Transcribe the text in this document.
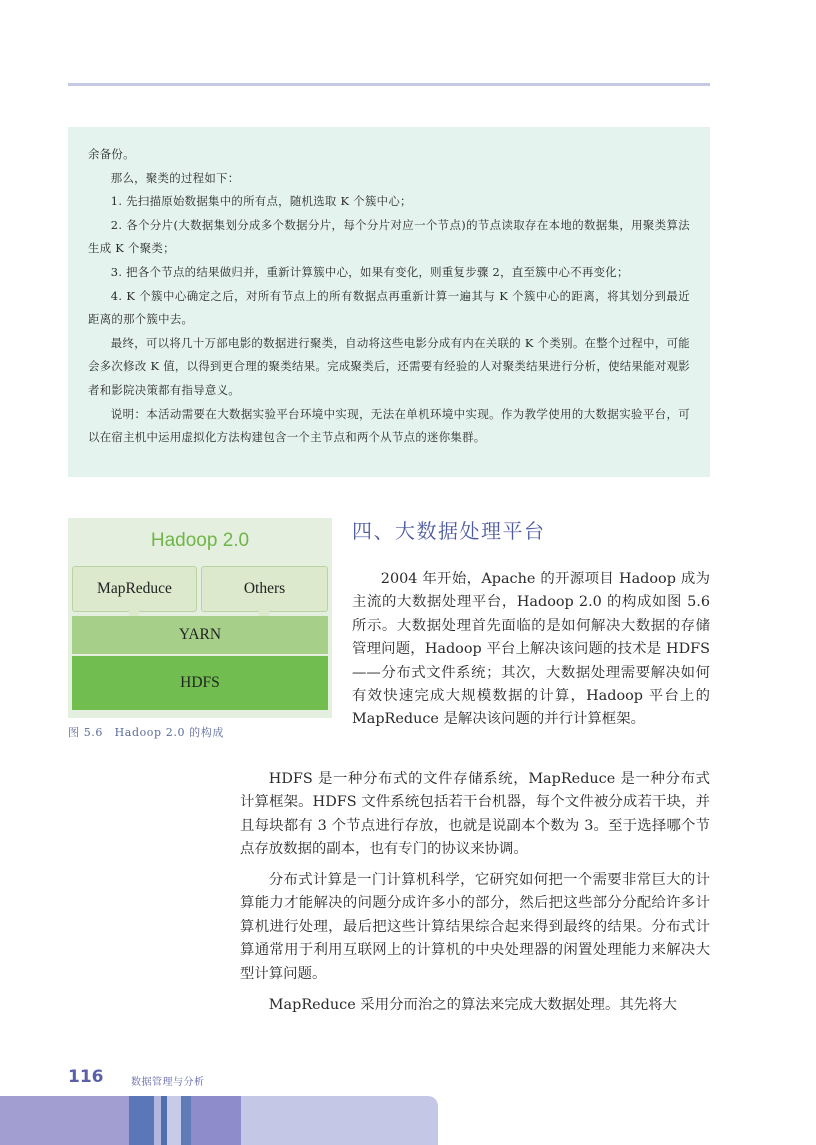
余备份。

那么，聚类的过程如下：

1. 先扫描原始数据集中的所有点，随机选取 K 个簇中心；

2. 各个分片(大数据集划分成多个数据分片，每个分片对应一个节点)的节点读取存在本地的数据集，用聚类算法生成 K 个聚类；

3. 把各个节点的结果做归并，重新计算簇中心，如果有变化，则重复步骤 2，直至簇中心不再变化；

4. K 个簇中心确定之后，对所有节点上的所有数据点再重新计算一遍其与 K 个簇中心的距离，将其划分到最近距离的那个簇中去。

最终，可以将几十万部电影的数据进行聚类，自动将这些电影分成有内在关联的 K 个类别。在整个过程中，可能会多次修改 K 值，以得到更合理的聚类结果。完成聚类后，还需要有经验的人对聚类结果进行分析，使结果能对观影者和影院决策都有指导意义。

说明：本活动需要在大数据实验平台环境中实现，无法在单机环境中实现。作为教学使用的大数据实验平台，可以在宿主机中运用虚拟化方法构建包含一个主节点和两个从节点的迷你集群。

Hadoop 2.0
MapReduce	Others
YARN
HDFS
图 5.6　Hadoop 2.0 的构成
四、大数据处理平台

2004 年开始，Apache 的开源项目 Hadoop 成为主流的大数据处理平台，Hadoop 2.0 的构成如图 5.6 所示。大数据处理首先面临的是如何解决大数据的存储管理问题，Hadoop 平台上解决该问题的技术是 HDFS——分布式文件系统；其次，大数据处理需要解决如何有效快速完成大规模数据的计算，Hadoop 平台上的 MapReduce 是解决该问题的并行计算框架。

HDFS 是一种分布式的文件存储系统，MapReduce 是一种分布式计算框架。HDFS 文件系统包括若干台机器，每个文件被分成若干块，并且每块都有 3 个节点进行存放，也就是说副本个数为 3。至于选择哪个节点存放数据的副本，也有专门的协议来协调。

分布式计算是一门计算机科学，它研究如何把一个需要非常巨大的计算能力才能解决的问题分成许多小的部分，然后把这些部分分配给许多计算机进行处理，最后把这些计算结果综合起来得到最终的结果。分布式计算通常用于利用互联网上的计算机的中央处理器的闲置处理能力来解决大型计算问题。

MapReduce 采用分而治之的算法来完成大数据处理。其先将大

116	数据管理与分析
